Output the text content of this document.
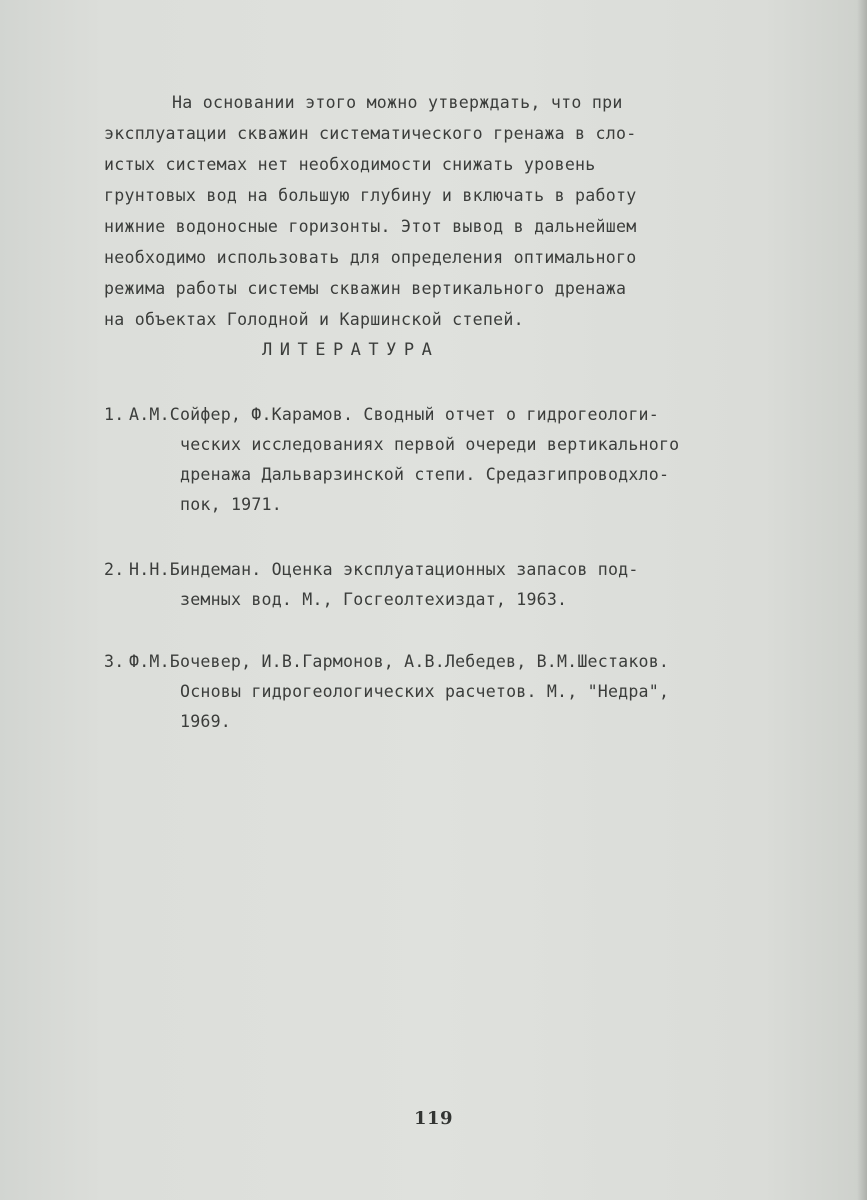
На основании этого можно утверждать, что при
эксплуатации скважин систематического гренажа в сло-
истых системах нет необходимости снижать уровень
грунтовых вод на большую глубину и включать в работу
нижние водоносные горизонты. Этот вывод в дальнейшем
необходимо использовать для определения оптимального
режима работы системы скважин вертикального дренажа
на объектах Голодной и Каршинской степей.

ЛИТЕРАТУРА
1. А.М.Сойфер, Ф.Карамов. Сводный отчет о гидрогеологи-
ческих исследованиях первой очереди вертикального
дренажа Дальварзинской степи. Средазгипроводхло-
пок, 1971.
2. Н.Н.Биндеман. Оценка эксплуатационных запасов под-
земных вод. М., Госгеолтехиздат, 1963.
3. Ф.М.Бочевер, И.В.Гармонов, А.В.Лебедев, В.М.Шестаков.
Основы гидрогеологических расчетов. М., "Недра",
1969.

119
